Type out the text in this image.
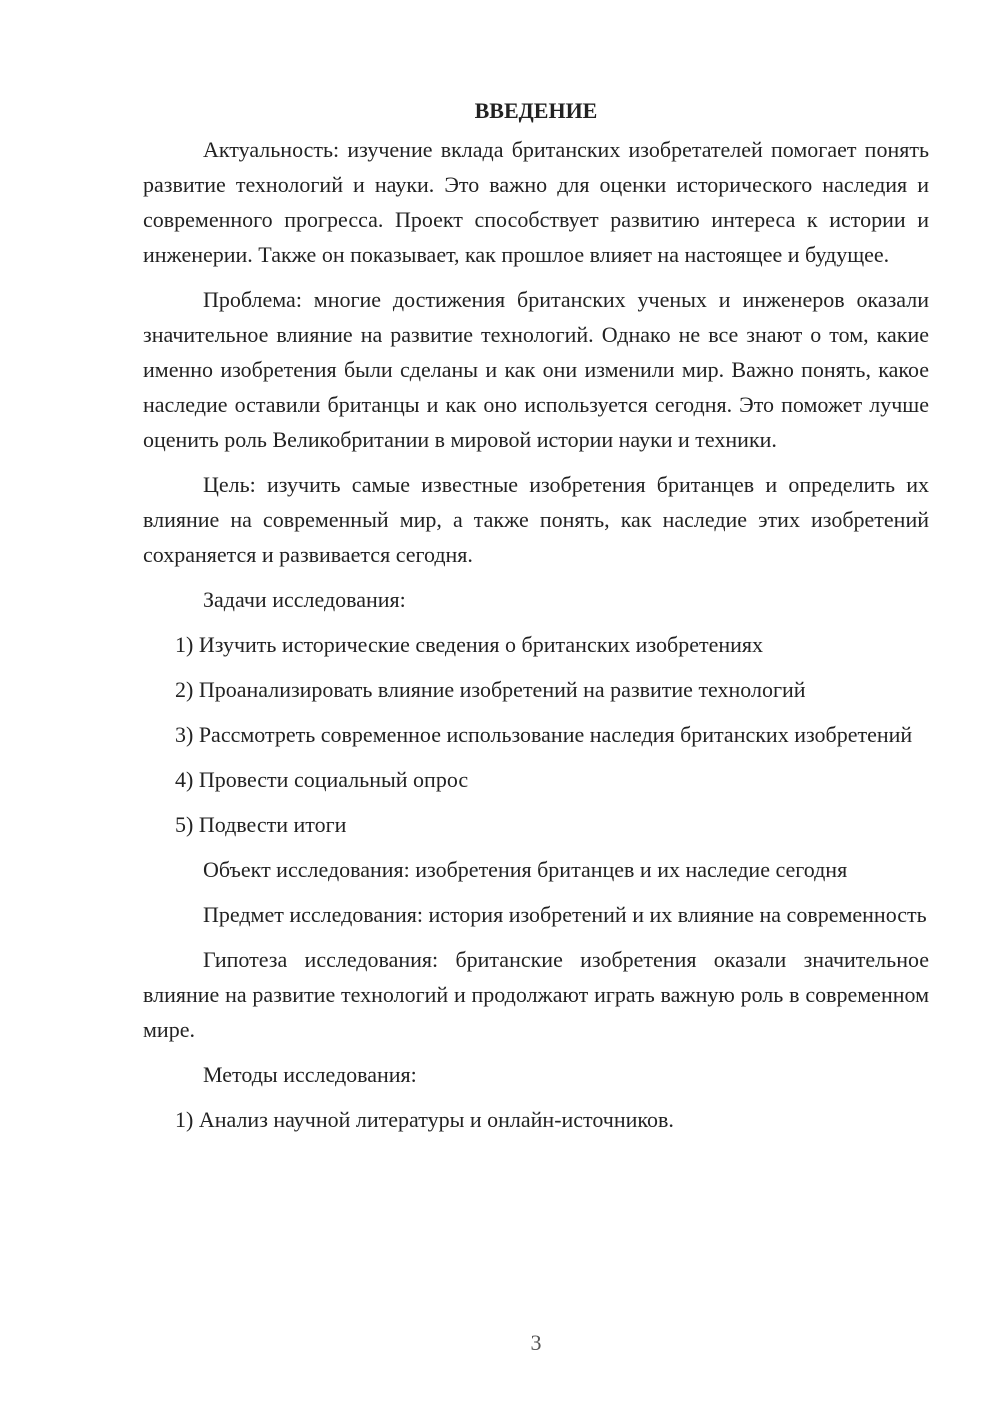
ВВЕДЕНИЕ

Актуальность: изучение вклада британских изобретателей помогает понять развитие технологий и науки. Это важно для оценки исторического наследия и современного прогресса. Проект способствует развитию интереса к истории и инженерии. Также он показывает, как прошлое влияет на настоящее и будущее.

Проблема: многие достижения британских ученых и инженеров оказали значительное влияние на развитие технологий. Однако не все знают о том, какие именно изобретения были сделаны и как они изменили мир. Важно понять, какое наследие оставили британцы и как оно используется сегодня. Это поможет лучше оценить роль Великобритании в мировой истории науки и техники.

Цель: изучить самые известные изобретения британцев и определить их влияние на современный мир, а также понять, как наследие этих изобретений сохраняется и развивается сегодня.

Задачи исследования:

1) Изучить исторические сведения о британских изобретениях

2) Проанализировать влияние изобретений на развитие технологий

3) Рассмотреть современное использование наследия британских изобретений

4) Провести социальный опрос

5) Подвести итоги

Объект исследования: изобретения британцев и их наследие сегодня

Предмет исследования: история изобретений и их влияние на современность

Гипотеза исследования: британские изобретения оказали значительное влияние на развитие технологий и продолжают играть важную роль в современном мире.

Методы исследования:

1) Анализ научной литературы и онлайн-источников.

3
